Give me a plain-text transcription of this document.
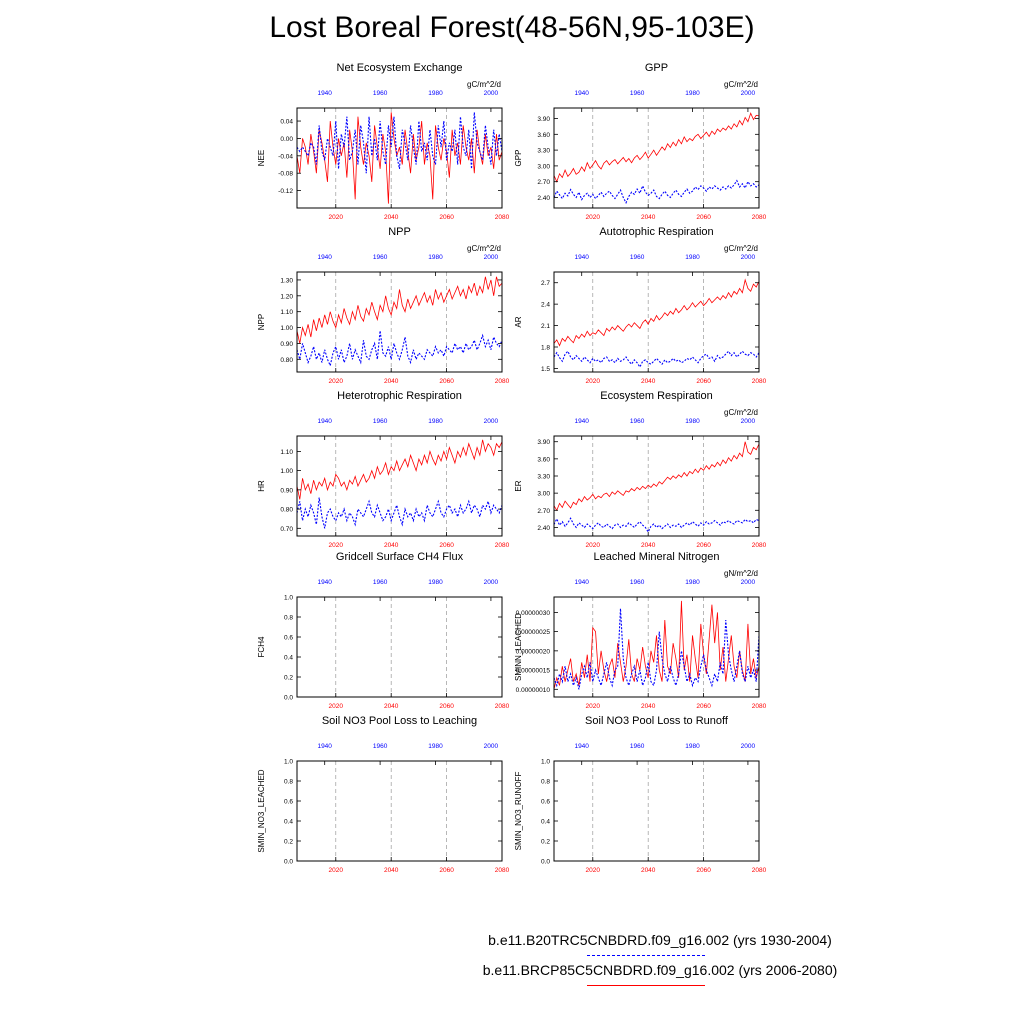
Lost Boreal Forest(48-56N,95-103E)
Net Ecosystem Exchange
gC/m^2/d
-0.12
-0.08
-0.04
0.00
0.04
2020	2040	2060	2080
1940	1960	1980	2000
NEE
GPP
gC/m^2/d
2.40
2.70
3.00
3.30
3.60
3.90
2020	2040	2060	2080
1940	1960	1980	2000
GPP
NPP
gC/m^2/d
0.80
0.90
1.00
1.10
1.20
1.30
2020	2040	2060	2080
1940	1960	1980	2000
NPP
Autotrophic Respiration
gC/m^2/d
1.5
1.8
2.1
2.4
2.7
2020	2040	2060	2080
1940	1960	1980	2000
AR
Heterotrophic Respiration
0.70
0.80
0.90
1.00
1.10
2020	2040	2060	2080
1940	1960	1980	2000
HR
Ecosystem Respiration
gC/m^2/d
2.40
2.70
3.00
3.30
3.60
3.90
2020	2040	2060	2080
1940	1960	1980	2000
ER
Gridcell Surface CH4 Flux
0.0
0.2
0.4
0.6
0.8
1.0
2020	2040	2060	2080
1940	1960	1980	2000
FCH4
Leached Mineral Nitrogen
gN/m^2/d
0.00000010
0.00000015
0.00000020
0.00000025
0.00000030
2020	2040	2060	2080
1940	1960	1980	2000
SMINN_LEACHED
Soil NO3 Pool Loss to Leaching
0.0
0.2
0.4
0.6
0.8
1.0
2020	2040	2060	2080
1940	1960	1980	2000
SMIN_NO3_LEACHED
Soil NO3 Pool Loss to Runoff
0.0
0.2
0.4
0.6
0.8
1.0
2020	2040	2060	2080
1940	1960	1980	2000
SMIN_NO3_RUNOFF
b.e11.B20TRC5CNBDRD.f09_g16.002 (yrs 1930-2004)
b.e11.BRCP85C5CNBDRD.f09_g16.002 (yrs 2006-2080)
